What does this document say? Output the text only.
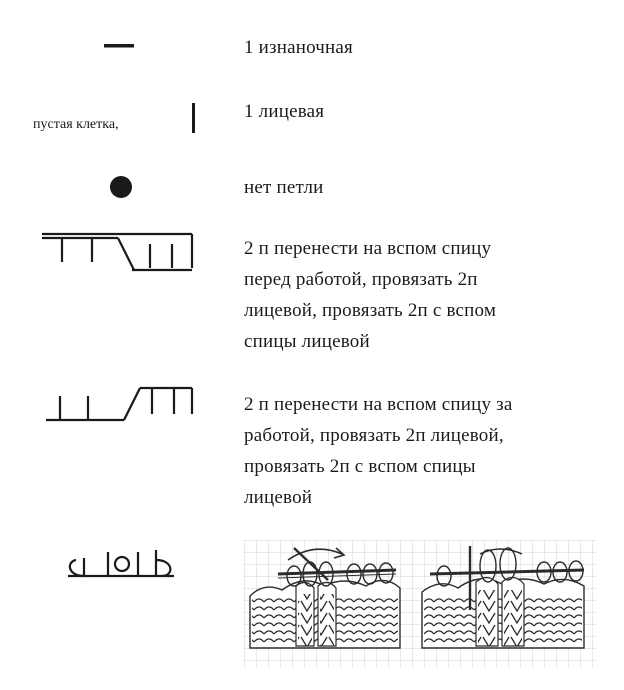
1 изнаночная
пустая клетка,
1 лицевая
нет петли
2 п перенести на вспом спицу
перед работой, провязать 2п
лицевой, провязать 2п с вспом
спицы лицевой
2 п перенести на вспом спицу за
работой, провязать 2п лицевой,
провязать 2п с вспом спицы
лицевой
